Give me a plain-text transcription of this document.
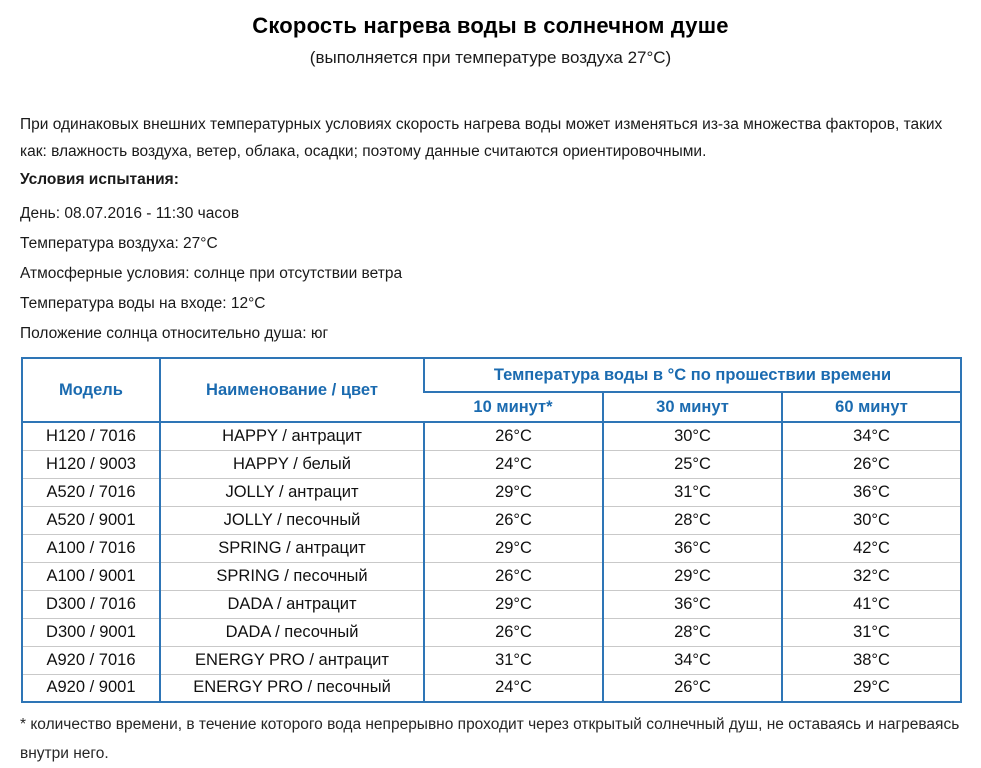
Скорость нагрева воды в солнечном душе
(выполняется при температуре воздуха 27°C)
При одинаковых внешних температурных условиях скорость нагрева воды может изменяться из-за множества факторов, таких как: влажность воздуха, ветер, облака, осадки; поэтому данные считаются ориентировочными.
Условия испытания:
День: 08.07.2016 - 11:30 часов
Температура воздуха: 27°C
Атмосферные условия: солнце при отсутствии ветра
Температура воды на входе: 12°C
Положение солнца относительно душа: юг
Модель	Наименование / цвет	Температура воды в °C по прошествии времени		
		10 минут*	30 минут	60 минут
H120 / 7016	HAPPY / антрацит	26°C	30°C	34°C
H120 / 9003	HAPPY / белый	24°C	25°C	26°C
A520 / 7016	JOLLY / антрацит	29°C	31°C	36°C
A520 / 9001	JOLLY / песочный	26°C	28°C	30°C
A100 / 7016	SPRING / антрацит	29°C	36°C	42°C
A100 / 9001	SPRING / песочный	26°C	29°C	32°C
D300 / 7016	DADA / антрацит	29°C	36°C	41°C
D300 / 9001	DADA / песочный	26°C	28°C	31°C
A920 / 7016	ENERGY PRO / антрацит	31°C	34°C	38°C
A920 / 9001	ENERGY PRO / песочный	24°C	26°C	29°C
* количество времени, в течение которого вода непрерывно проходит через открытый солнечный душ, не оставаясь и нагреваясь внутри него.
